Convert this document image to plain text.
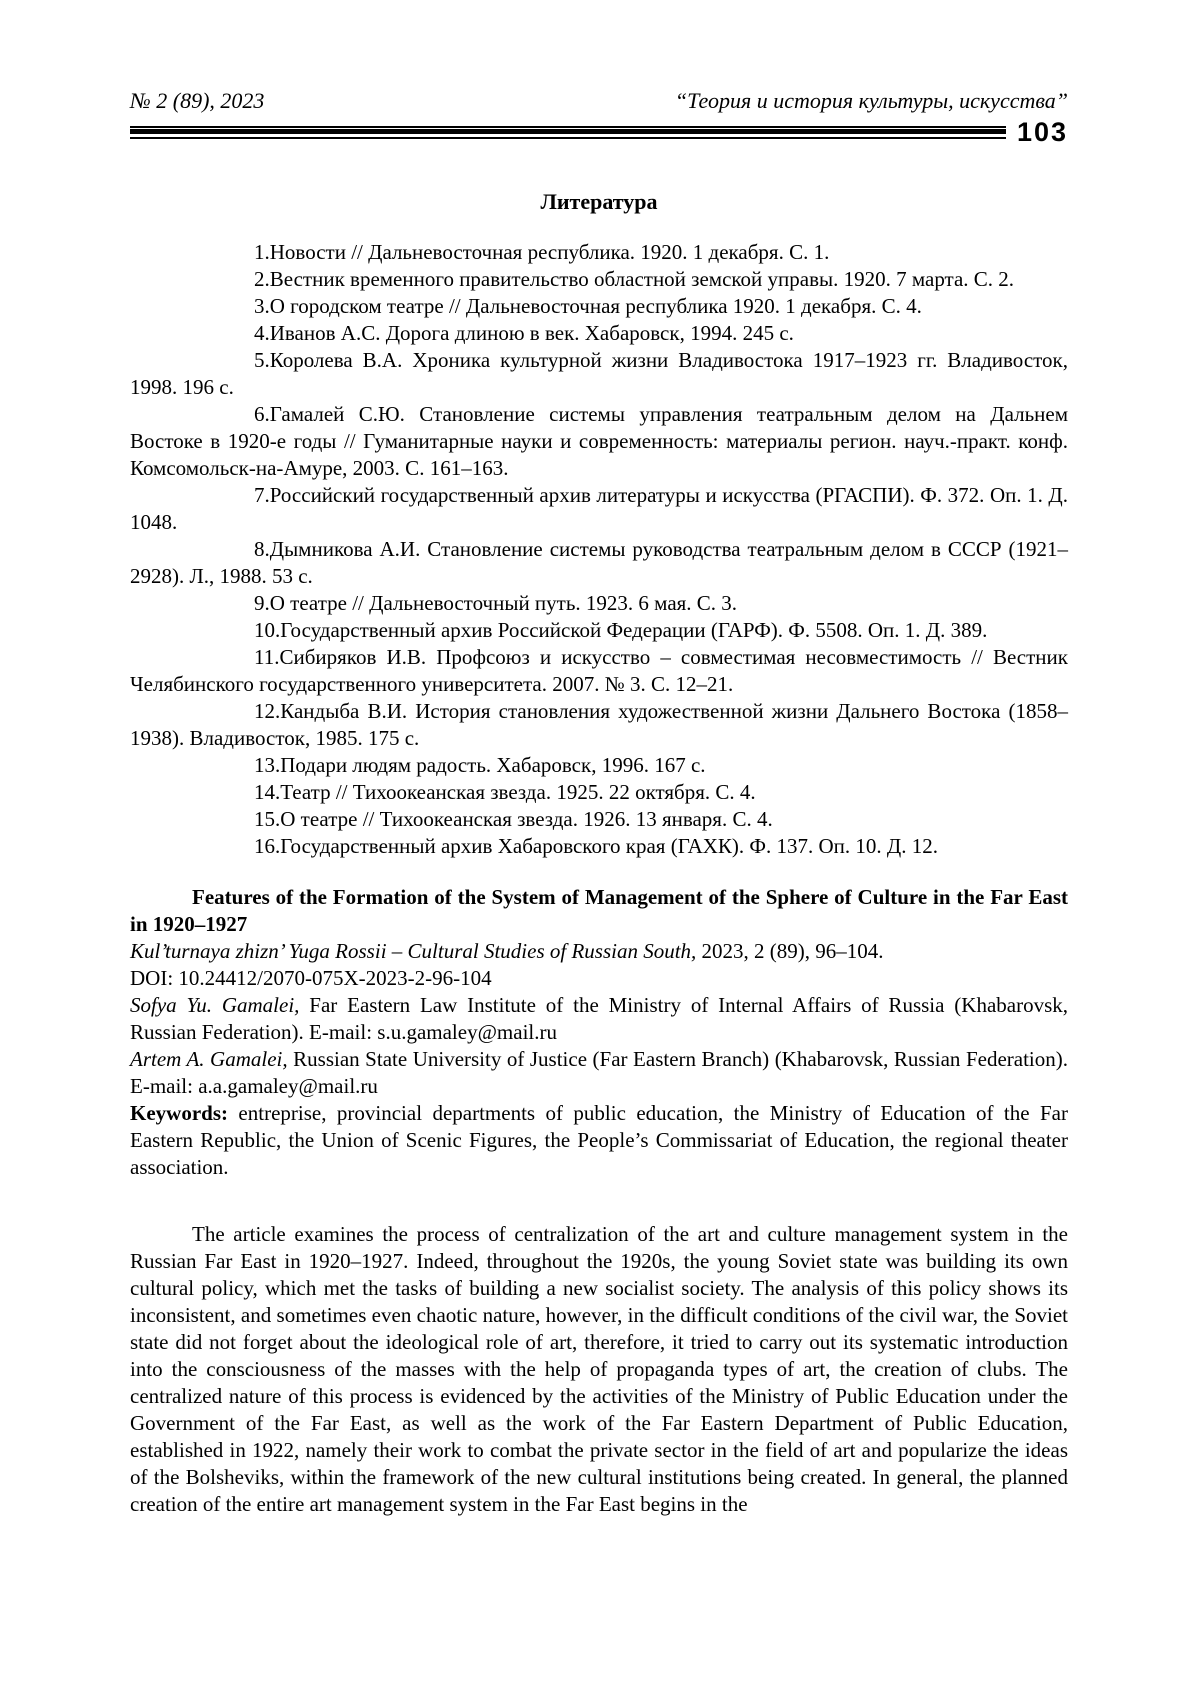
№ 2 (89), 2023	“Теория и история культуры, искусства”
103
Литература

1.Новости // Дальневосточная республика. 1920. 1 декабря. С. 1.

2.Вестник временного правительство областной земской управы. 1920. 7 марта. С. 2.

3.О городском театре // Дальневосточная республика 1920. 1 декабря. С. 4.

4.Иванов А.С. Дорога длиною в век. Хабаровск, 1994. 245 с.

5.Королева В.А. Хроника культурной жизни Владивостока 1917–1923 гг. Владивосток, 1998. 196 с.

6.Гамалей С.Ю. Становление системы управления театральным делом на Дальнем Востоке в 1920-е годы // Гуманитарные науки и современность: материалы регион. науч.-практ. конф. Комсомольск-на-Амуре, 2003. С. 161–163.

7.Российский государственный архив литературы и искусства (РГАСПИ). Ф. 372. Оп. 1. Д. 1048.

8.Дымникова А.И. Становление системы руководства театральным делом в СССР (1921–2928). Л., 1988. 53 с.

9.О театре // Дальневосточный путь. 1923. 6 мая. С. 3.

10.Государственный архив Российской Федерации (ГАРФ). Ф. 5508. Оп. 1. Д. 389.

11.Сибиряков И.В. Профсоюз и искусство – совместимая несовместимость // Вестник Челябинского государственного университета. 2007. № 3. С. 12–21.

12.Кандыба В.И. История становления художественной жизни Дальнего Востока (1858–1938). Владивосток, 1985. 175 с.

13.Подари людям радость. Хабаровск, 1996. 167 с.

14.Театр // Тихоокеанская звезда. 1925. 22 октября. С. 4.

15.О театре // Тихоокеанская звезда. 1926. 13 января. С. 4.

16.Государственный архив Хабаровского края (ГАХК). Ф. 137. Оп. 10. Д. 12.

Features of the Formation of the System of Management of the Sphere of Culture in the Far East in 1920–1927

Kul’turnaya zhizn’ Yuga Rossii – Cultural Studies of Russian South, 2023, 2 (89), 96–104.

DOI: 10.24412/2070-075X-2023-2-96-104

Sofya Yu. Gamalei, Far Eastern Law Institute of the Ministry of Internal Affairs of Russia (Khabarovsk, Russian Federation). E-mail: s.u.gamaley@mail.ru

Artem A. Gamalei, Russian State University of Justice (Far Eastern Branch) (Khabarovsk, Russian Federation). E-mail: a.a.gamaley@mail.ru

Keywords: entreprise, provincial departments of public education, the Ministry of Education of the Far Eastern Republic, the Union of Scenic Figures, the People’s Commissariat of Education, the regional theater association.

The article examines the process of centralization of the art and culture management system in the Russian Far East in 1920–1927. Indeed, throughout the 1920s, the young Soviet state was building its own cultural policy, which met the tasks of building a new socialist society. The analysis of this policy shows its inconsistent, and sometimes even chaotic nature, however, in the difficult conditions of the civil war, the Soviet state did not forget about the ideological role of art, therefore, it tried to carry out its systematic introduction into the consciousness of the masses with the help of propaganda types of art, the creation of clubs. The centralized nature of this process is evidenced by the activities of the Ministry of Public Education under the Government of the Far East, as well as the work of the Far Eastern Department of Public Education, established in 1922, namely their work to combat the private sector in the field of art and popularize the ideas of the Bolsheviks, within the framework of the new cultural institutions being created. In general, the planned creation of the entire art management system in the Far East begins in the
